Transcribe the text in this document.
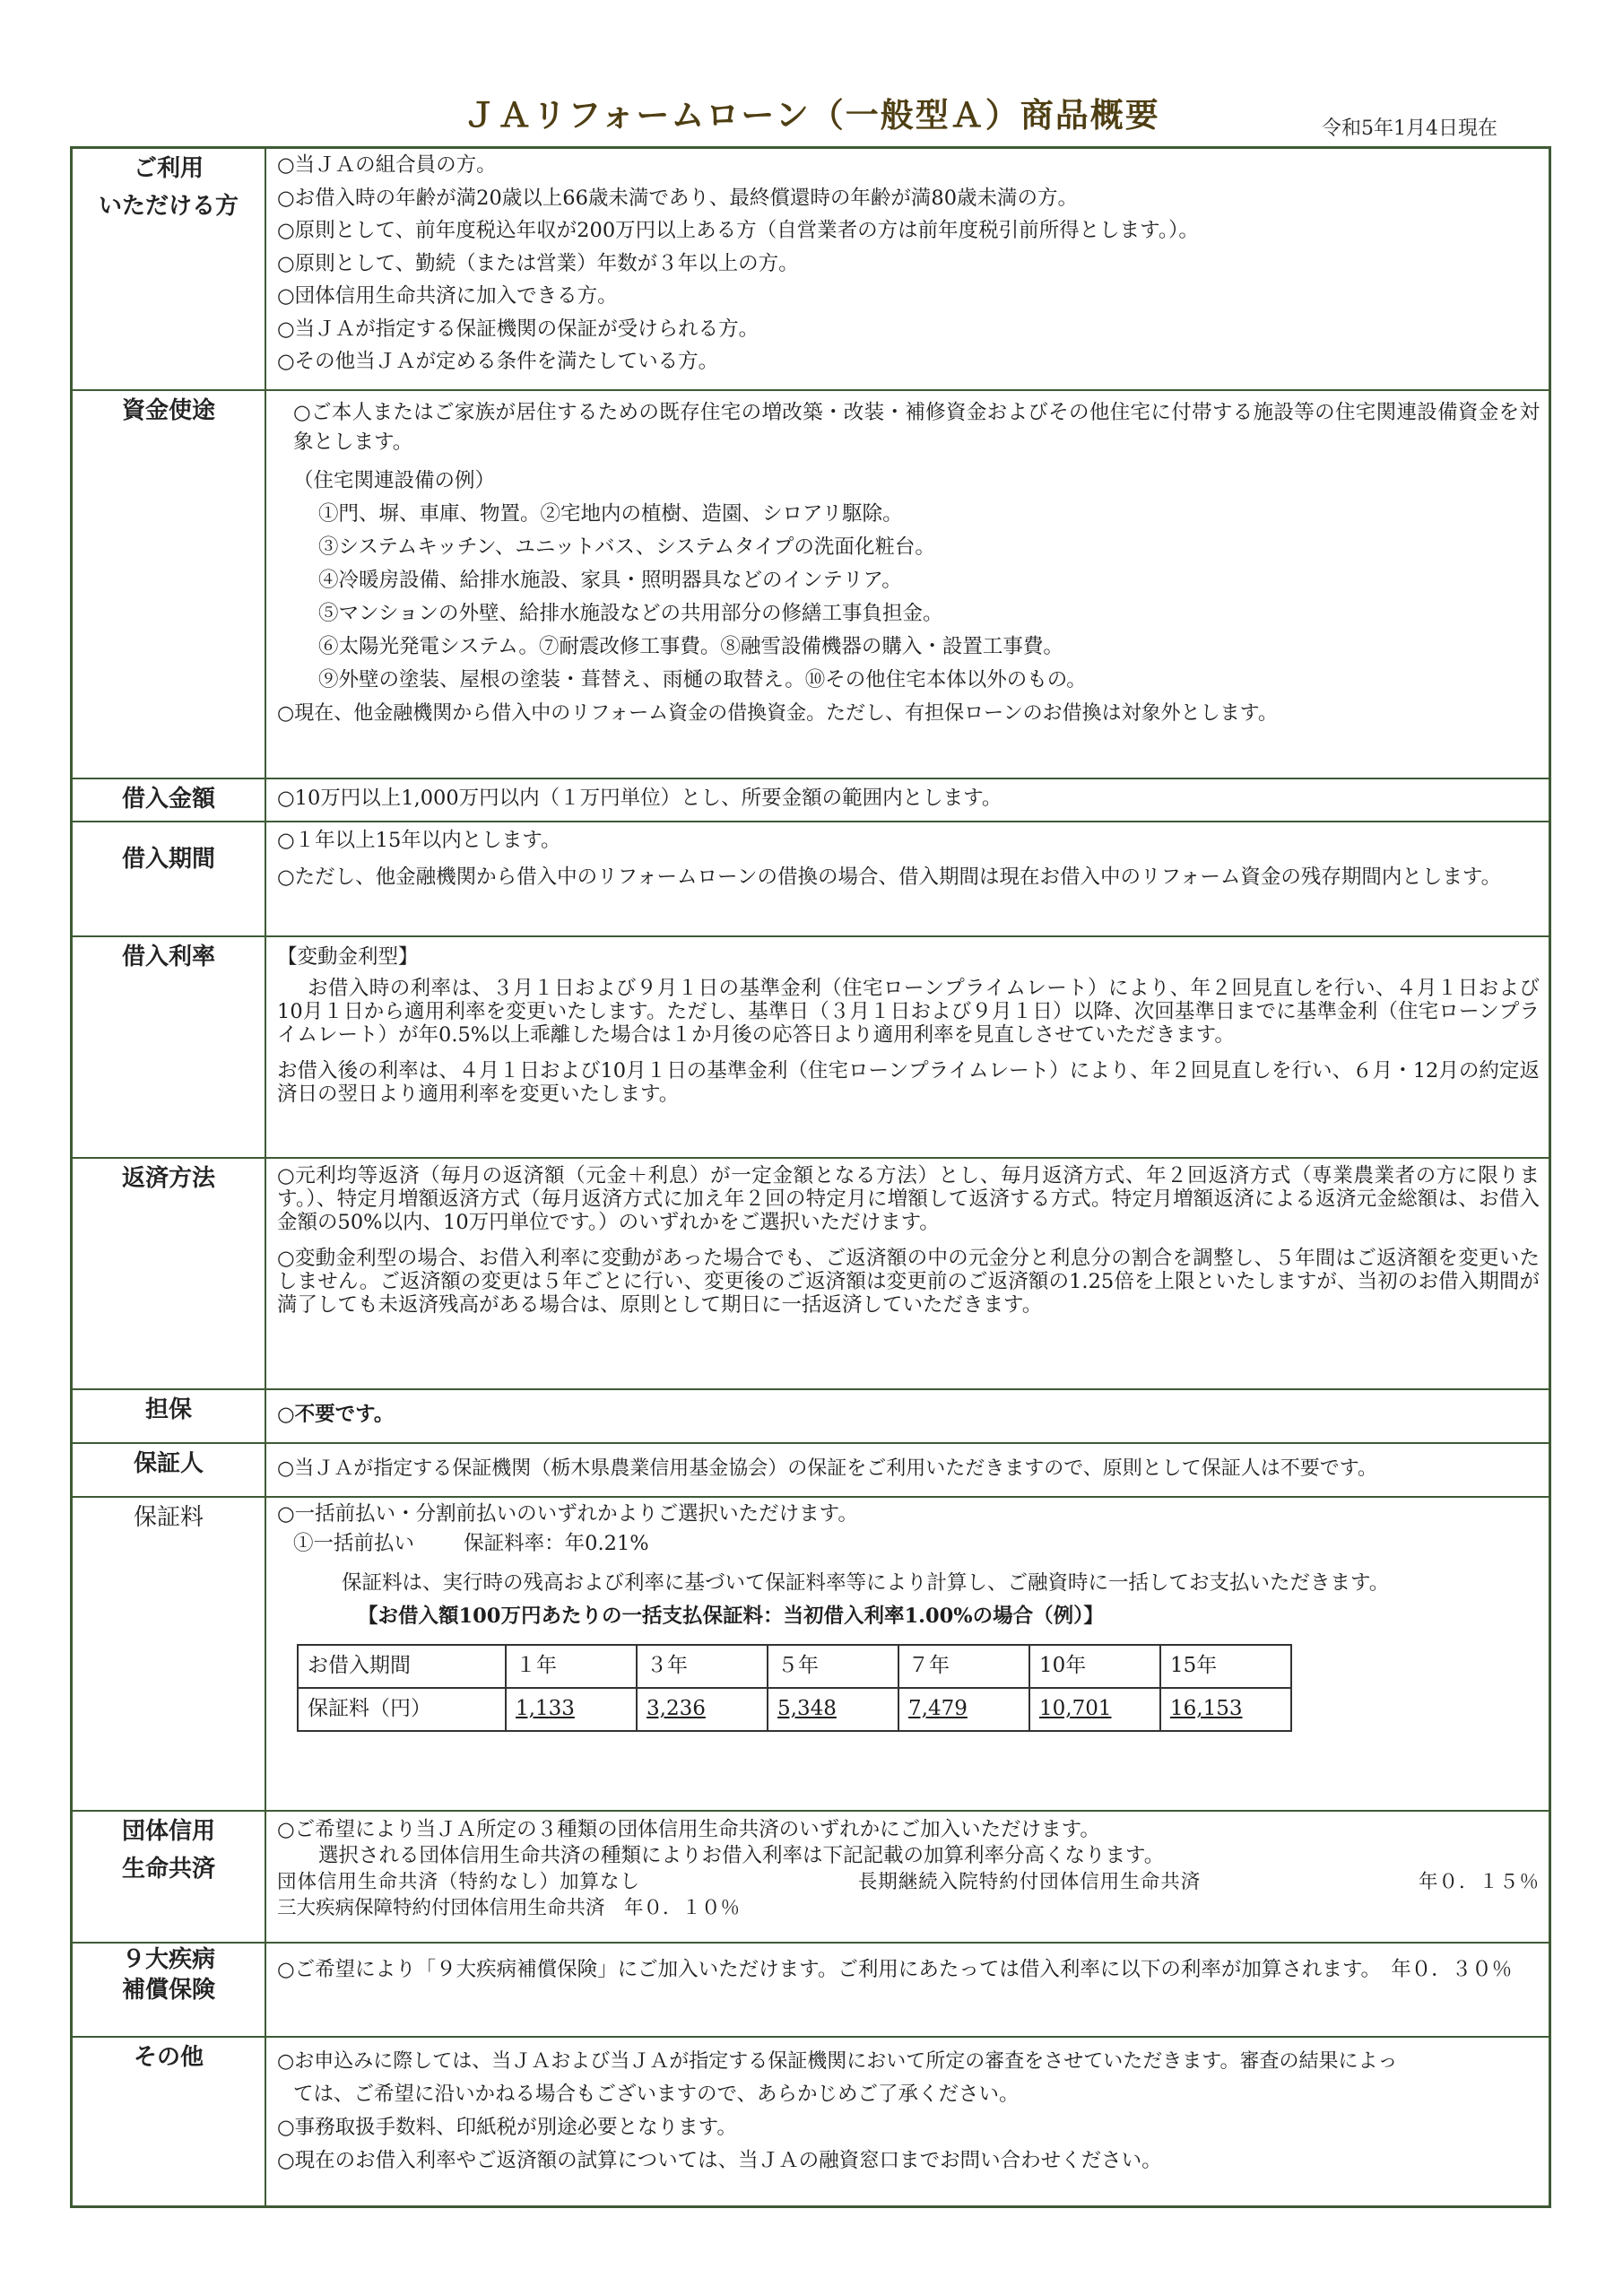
ＪＡリフォームローン（一般型Ａ）商品概要	令和5年1月4日現在
ご利用
いただける方

○当ＪＡの組合員の方。
○お借入時の年齢が満20歳以上66歳未満であり、最終償還時の年齢が満80歳未満の方。
○原則として、前年度税込年収が200万円以上ある方（自営業者の方は前年度税引前所得とします。）。
○原則として、勤続（または営業）年数が３年以上の方。
○団体信用生命共済に加入できる方。
○当ＪＡが指定する保証機関の保証が受けられる方。
○その他当ＪＡが定める条件を満たしている方。

資金使途	○ご本人またはご家族が居住するための既存住宅の増改築・改装・補修資金およびその他住宅に付帯する施設等の住宅関連設備資金を対象とします。
（住宅関連設備の例）
①門、塀、車庫、物置。②宅地内の植樹、造園、シロアリ駆除。
③システムキッチン、ユニットバス、システムタイプの洗面化粧台。
④冷暖房設備、給排水施設、家具・照明器具などのインテリア。
⑤マンションの外壁、給排水施設などの共用部分の修繕工事負担金。
⑥太陽光発電システム。⑦耐震改修工事費。⑧融雪設備機器の購入・設置工事費。
⑨外壁の塗装、屋根の塗装・葺替え、雨樋の取替え。⑩その他住宅本体以外のもの。
○現在、他金融機関から借入中のリフォーム資金の借換資金。ただし、有担保ローンのお借換は対象外とします。

借入金額	○10万円以上1,000万円以内（１万円単位）とし、所要金額の範囲内とします。

借入期間	
○１年以上15年以内とします。
○ただし、他金融機関から借入中のリフォームローンの借換の場合、借入期間は現在お借入中のリフォーム資金の残存期間内とします。

借入利率	【変動金利型】
お借入時の利率は、３月１日および９月１日の基準金利（住宅ローンプライムレート）により、年２回見直しを行い、４月１日および10月１日から適用利率を変更いたします。ただし、基準日（３月１日および９月１日）以降、次回基準日までに基準金利（住宅ローンプライムレート）が年0.5%以上乖離した場合は１か月後の応答日より適用利率を見直しさせていただきます。
お借入後の利率は、４月１日および10月１日の基準金利（住宅ローンプライムレート）により、年２回見直しを行い、６月・12月の約定返済日の翌日より適用利率を変更いたします。

返済方法	○元利均等返済（毎月の返済額（元金＋利息）が一定金額となる方法）とし、毎月返済方式、年２回返済方式（専業農業者の方に限ります。）、特定月増額返済方式（毎月返済方式に加え年２回の特定月に増額して返済する方式。特定月増額返済による返済元金総額は、お借入金額の50%以内、10万円単位です。）のいずれかをご選択いただけます。
○変動金利型の場合、お借入利率に変動があった場合でも、ご返済額の中の元金分と利息分の割合を調整し、５年間はご返済額を変更いたしません。ご返済額の変更は５年ごとに行い、変更後のご返済額は変更前のご返済額の1.25倍を上限といたしますが、当初のお借入期間が満了しても未返済残高がある場合は、原則として期日に一括返済していただきます。

担保	○不要です。

保証人	○当ＪＡが指定する保証機関（栃木県農業信用基金協会）の保証をご利用いただきますので、原則として保証人は不要です。

保証料	○一括前払い・分割前払いのいずれかよりご選択いただけます。
①一括前払い 保証料率：年0.21%
保証料は、実行時の残高および利率に基づいて保証料率等により計算し、ご融資時に一括してお支払いただきます。
【お借入額100万円あたりの一括支払保証料：当初借入利率1.00%の場合（例）】
お借入期間	１年	３年	５年	７年	10年	15年
保証料（円）	1,133	3,236	5,348	7,479	10,701	16,153

団体信用
生命共済

○ご希望により当ＪＡ所定の３種類の団体信用生命共済のいずれかにご加入いただけます。
選択される団体信用生命共済の種類によりお借入利率は下記記載の加算利率分高くなります。
団体信用生命共済（特約なし）加算なし	長期継続入院特約付団体信用生命共済	年０．１５％
三大疾病保障特約付団体信用生命共済　年０．１０％

９大疾病
補償保険

○ご希望により「９大疾病補償保険」にご加入いただけます。ご利用にあたっては借入利率に以下の利率が加算されます。　年０．３０％

その他	○お申込みに際しては、当ＪＡおよび当ＪＡが指定する保証機関において所定の審査をさせていただきます。審査の結果によっ
ては、ご希望に沿いかねる場合もございますので、あらかじめご了承ください。
○事務取扱手数料、印紙税が別途必要となります。
○現在のお借入利率やご返済額の試算については、当ＪＡの融資窓口までお問い合わせください。
